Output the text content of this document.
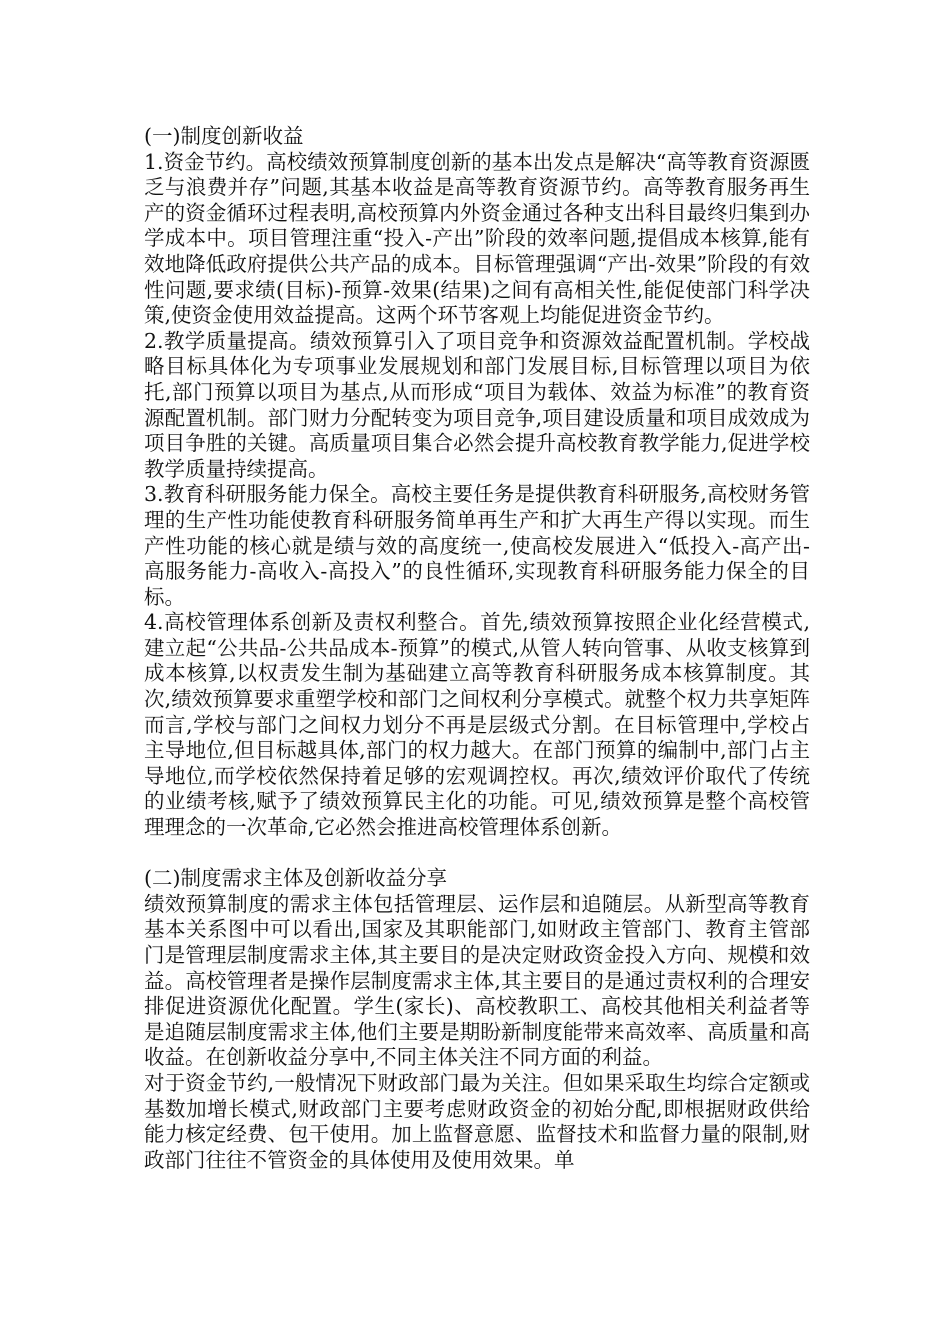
(一)制度创新收益

1.资金节约。高校绩效预算制度创新的基本出发点是解决“高等教育资源匮乏与浪费并存”问题,其基本收益是高等教育资源节约。高等教育服务再生产的资金循环过程表明,高校预算内外资金通过各种支出科目最终归集到办学成本中。项目管理注重“投入-产出”阶段的效率问题,提倡成本核算,能有效地降低政府提供公共产品的成本。目标管理强调“产出-效果”阶段的有效性问题,要求绩(目标)-预算-效果(结果)之间有高相关性,能促使部门科学决策,使资金使用效益提高。这两个环节客观上均能促进资金节约。

2.教学质量提高。绩效预算引入了项目竞争和资源效益配置机制。学校战略目标具体化为专项事业发展规划和部门发展目标,目标管理以项目为依托,部门预算以项目为基点,从而形成“项目为载体、效益为标准”的教育资源配置机制。部门财力分配转变为项目竞争,项目建设质量和项目成效成为项目争胜的关键。高质量项目集合必然会提升高校教育教学能力,促进学校教学质量持续提高。

3.教育科研服务能力保全。高校主要任务是提供教育科研服务,高校财务管理的生产性功能使教育科研服务简单再生产和扩大再生产得以实现。而生产性功能的核心就是绩与效的高度统一,使高校发展进入“低投入-高产出-高服务能力-高收入-高投入”的良性循环,实现教育科研服务能力保全的目标。

4.高校管理体系创新及责权利整合。首先,绩效预算按照企业化经营模式,建立起“公共品-公共品成本-预算”的模式,从管人转向管事、从收支核算到成本核算,以权责发生制为基础建立高等教育科研服务成本核算制度。其次,绩效预算要求重塑学校和部门之间权利分享模式。就整个权力共享矩阵而言,学校与部门之间权力划分不再是层级式分割。在目标管理中,学校占主导地位,但目标越具体,部门的权力越大。在部门预算的编制中,部门占主导地位,而学校依然保持着足够的宏观调控权。再次,绩效评价取代了传统的业绩考核,赋予了绩效预算民主化的功能。可见,绩效预算是整个高校管理理念的一次革命,它必然会推进高校管理体系创新。

(二)制度需求主体及创新收益分享

绩效预算制度的需求主体包括管理层、运作层和追随层。从新型高等教育基本关系图中可以看出,国家及其职能部门,如财政主管部门、教育主管部门是管理层制度需求主体,其主要目的是决定财政资金投入方向、规模和效益。高校管理者是操作层制度需求主体,其主要目的是通过责权利的合理安排促进资源优化配置。学生(家长)、高校教职工、高校其他相关利益者等是追随层制度需求主体,他们主要是期盼新制度能带来高效率、高质量和高收益。在创新收益分享中,不同主体关注不同方面的利益。

对于资金节约,一般情况下财政部门最为关注。但如果采取生均综合定额或基数加增长模式,财政部门主要考虑财政资金的初始分配,即根据财政供给能力核定经费、包干使用。加上监督意愿、监督技术和监督力量的限制,财政部门往往不管资金的具体使用及使用效果。单
